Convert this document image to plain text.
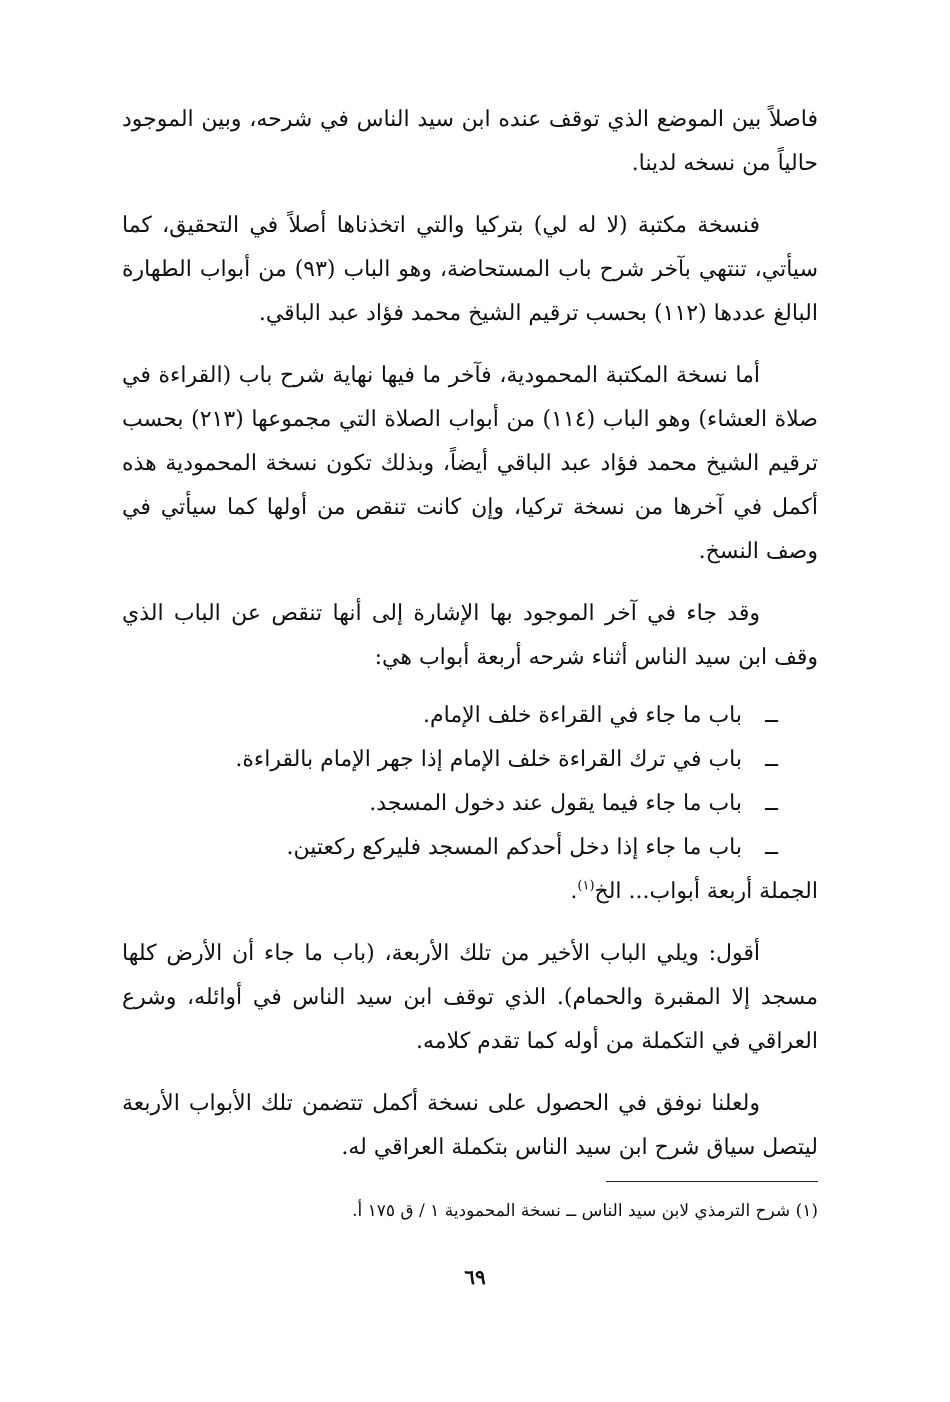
فاصلاً بين الموضع الذي توقف عنده ابن سيد الناس في شرحه، وبين الموجود حالياً من نسخه لدينا.

فنسخة مكتبة (لا له لي) بتركيا والتي اتخذناها أصلاً في التحقيق، كما سيأتي، تنتهي بآخر شرح باب المستحاضة، وهو الباب (٩٣) من أبواب الطهارة البالغ عددها (١١٢) بحسب ترقيم الشيخ محمد فؤاد عبد الباقي.

أما نسخة المكتبة المحمودية، فآخر ما فيها نهاية شرح باب (القراءة في صلاة العشاء) وهو الباب (١١٤) من أبواب الصلاة التي مجموعها (٢١٣) بحسب ترقيم الشيخ محمد فؤاد عبد الباقي أيضاً، وبذلك تكون نسخة المحمودية هذه أكمل في آخرها من نسخة تركيا، وإن كانت تنقص من أولها كما سيأتي في وصف النسخ.

وقد جاء في آخر الموجود بها الإشارة إلى أنها تنقص عن الباب الذي وقف ابن سيد الناس أثناء شرحه أربعة أبواب هي:

ــ
باب ما جاء في القراءة خلف الإمام.
ــ
باب في ترك القراءة خلف الإمام إذا جهر الإمام بالقراءة.
ــ
باب ما جاء فيما يقول عند دخول المسجد.
ــ
باب ما جاء إذا دخل أحدكم المسجد فليركع ركعتين.

الجملة أربعة أبواب... الخ$^{(١)}$.

أقول: ويلي الباب الأخير من تلك الأربعة، (باب ما جاء أن الأرض كلها مسجد إلا المقبرة والحمام). الذي توقف ابن سيد الناس في أوائله، وشرع العراقي في التكملة من أوله كما تقدم كلامه.

ولعلنا نوفق في الحصول على نسخة أكمل تتضمن تلك الأبواب الأربعة ليتصل سياق شرح ابن سيد الناس بتكملة العراقي له.

(١) شرح الترمذي لابن سيد الناس ــ نسخة المحمودية ١ / ق ١٧٥ أ.
٦٩
